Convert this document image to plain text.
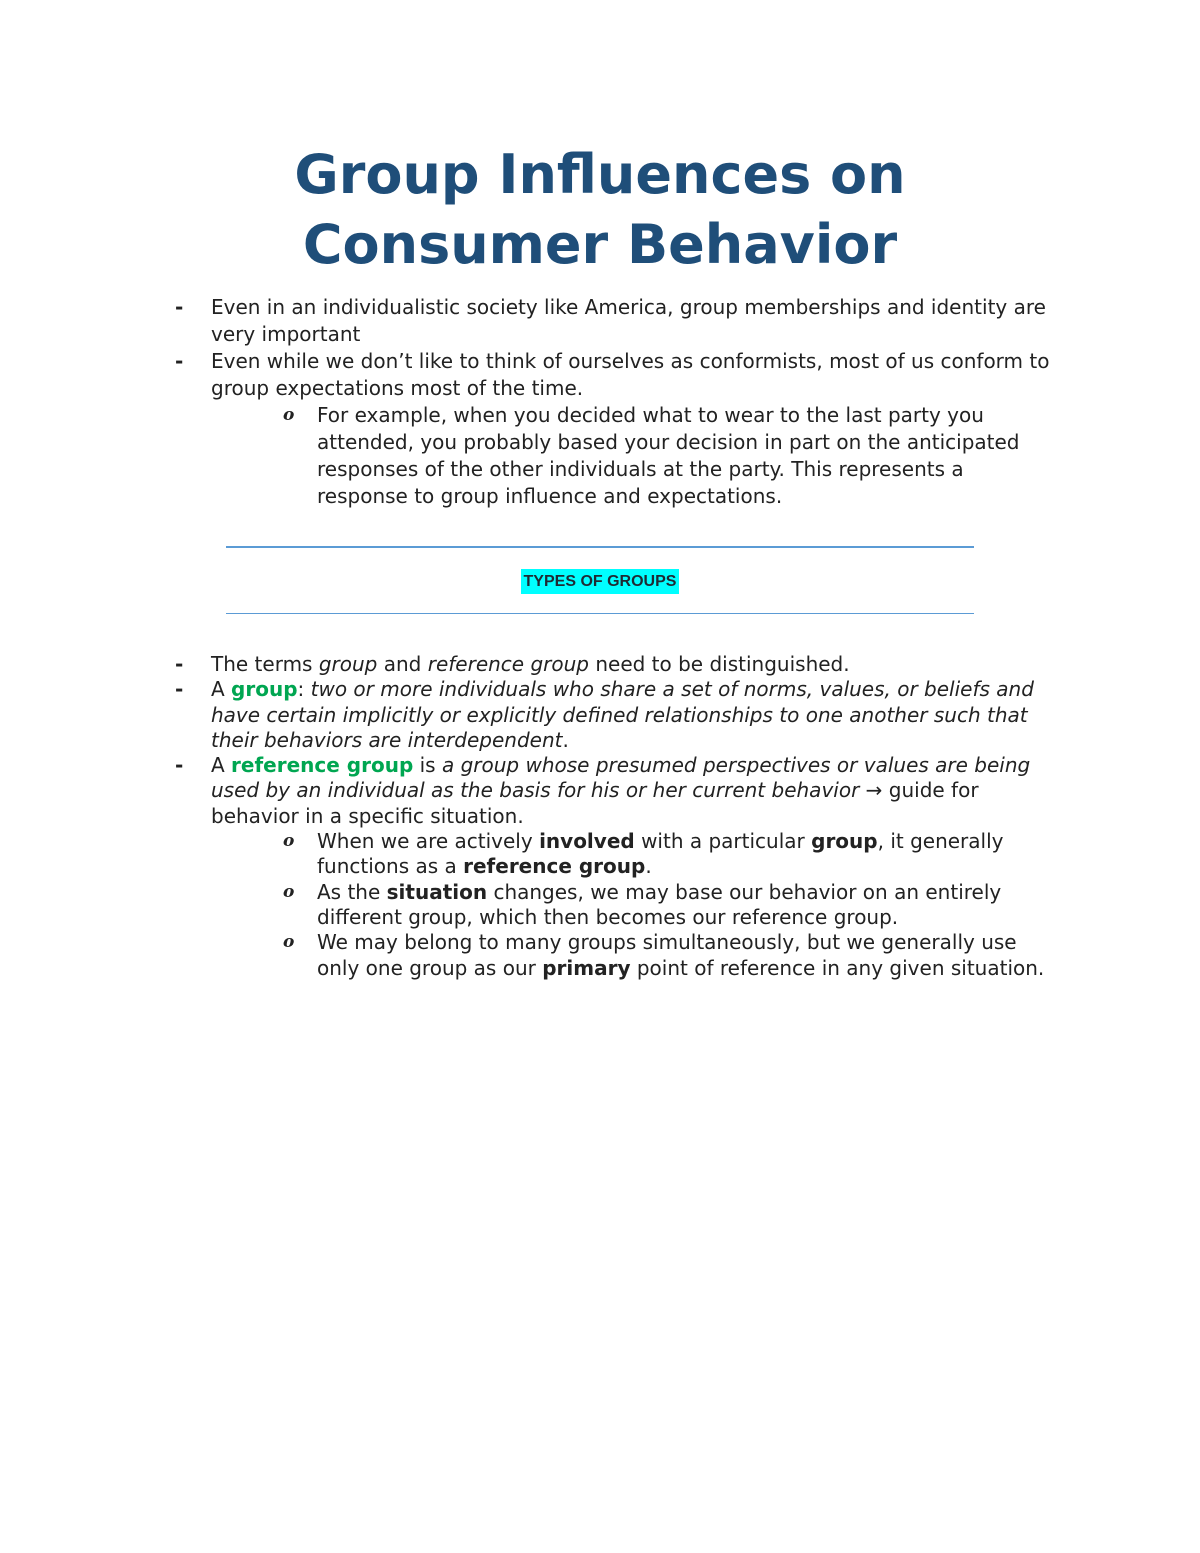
Group Influences on
Consumer Behavior
- Even in an individualistic society like America, group memberships and identity are very important
- Even while we don’t like to think of ourselves as conformists, most of us conform to group expectations most of the time.
o For example, when you decided what to wear to the last party you attended, you probably based your decision in part on the anticipated responses of the other individuals at the party. This represents a response to group influence and expectations.
TYPES OF GROUPS
- The terms group and reference group need to be distinguished.
- A group: two or more individuals who share a set of norms, values, or beliefs and have certain implicitly or explicitly defined relationships to one another such that their behaviors are interdependent.
- A reference group is a group whose presumed perspectives or values are being used by an individual as the basis for his or her current behavior → guide for behavior in a specific situation.
o When we are actively involved with a particular group, it generally functions as a reference group.
o As the situation changes, we may base our behavior on an entirely different group, which then becomes our reference group.
o We may belong to many groups simultaneously, but we generally use only one group as our primary point of reference in any given situation.
